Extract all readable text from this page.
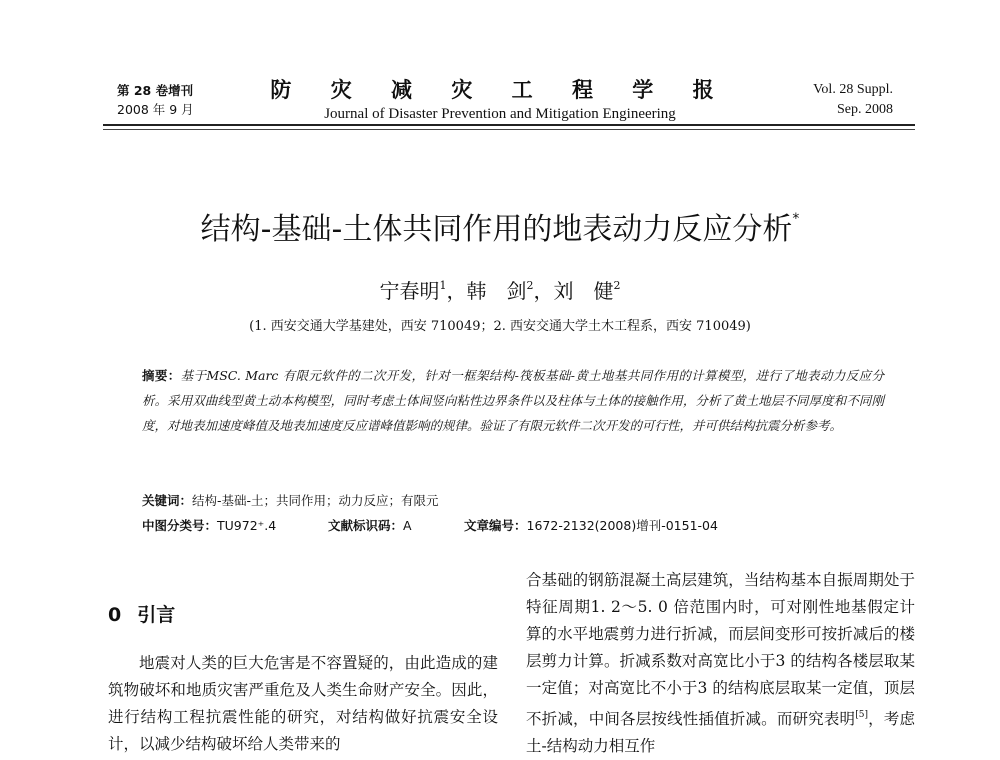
第 28 卷增刊
2008 年 9 月
防 灾 减 灾 工 程 学 报
Journal of Disaster Prevention and Mitigation Engineering
Vol. 28 Suppl.
Sep. 2008
结构-基础-土体共同作用的地表动力反应分析*
宁春明$^1$，韩　剑$^2$，刘　健$^2$
(1. 西安交通大学基建处，西安 710049；2. 西安交通大学土木工程系，西安 710049)
摘要：基于MSC. Marc 有限元软件的二次开发，针对一框架结构-筏板基础-黄土地基共同作用的计算模型，进行了地表动力反应分析。采用双曲线型黄土动本构模型，同时考虑土体间竖向粘性边界条件以及柱体与土体的接触作用，分析了黄土地层不同厚度和不同刚度，对地表加速度峰值及地表加速度反应谱峰值影响的规律。验证了有限元软件二次开发的可行性，并可供结构抗震分析参考。
关键词：结构-基础-土；共同作用；动力反应；有限元
中图分类号：TU972⁺.4	文献标识码：A	文章编号：1672-2132(2008)增刊-0151-04
0 引言

地震对人类的巨大危害是不容置疑的，由此造成的建筑物破坏和地质灾害严重危及人类生命财产安全。因此，进行结构工程抗震性能的研究，对结构做好抗震安全设计，以减少结构破坏给人类带来的

合基础的钢筋混凝土高层建筑，当结构基本自振周期处于特征周期1. 2～5. 0 倍范围内时，可对刚性地基假定计算的水平地震剪力进行折减，而层间变形可按折减后的楼层剪力计算。折减系数对高宽比小于3 的结构各楼层取某一定值；对高宽比不小于3 的结构底层取某一定值，顶层不折减，中间各层按线性插值折减。而研究表明[5]，考虑土-结构动力相互作
